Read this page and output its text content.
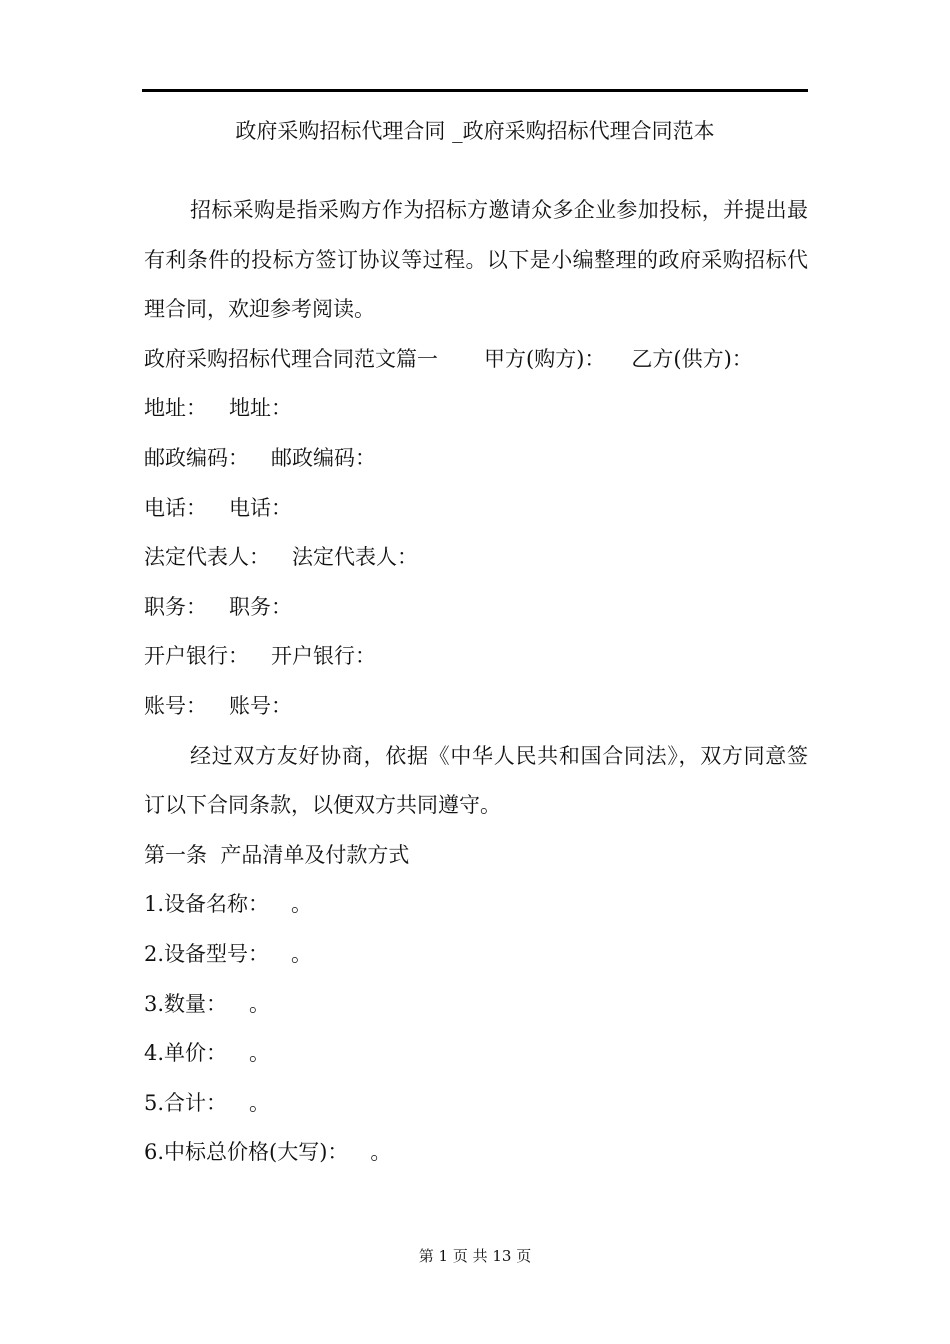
政府采购招标代理合同 _政府采购招标代理合同范本

招标采购是指采购方作为招标方邀请众多企业参加投标，并提出最有利条件的投标方签订协议等过程。以下是小编整理的政府采购招标代理合同，欢迎参考阅读。

政府采购招标代理合同范文篇一 甲方(购方)： 乙方(供方)：

地址： 地址：

邮政编码： 邮政编码：

电话： 电话：

法定代表人： 法定代表人：

职务： 职务：

开户银行： 开户银行：

账号： 账号：

经过双方友好协商，依据《中华人民共和国合同法》，双方同意签订以下合同条款，以便双方共同遵守。

第一条  产品清单及付款方式

1.设备名称： 。

2.设备型号： 。

3.数量： 。

4.单价： 。

5.合计： 。

6.中标总价格(大写)： 。

第 1 页 共 13 页
